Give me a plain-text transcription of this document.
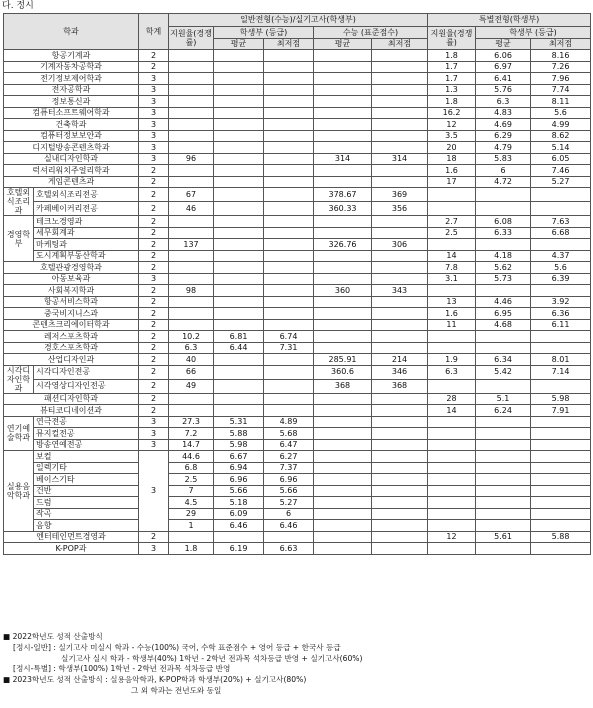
다. 정시
학과		학계	일반전형(수능)/실기고사(학생부)					특별전형(학생부)		
			지원율(경쟁률)	학생부 (등급)		수능 (표준점수)		지원율(경쟁률)	학생부 (등급)	
				평균	최저점	평균	최저점		평균	최저점
항공기계과		2						1.8	6.06	8.16
기계자동차공학과		2						1.7	6.97	7.26
전기정보제어학과		3						1.7	6.41	7.96
전자공학과		3						1.3	5.76	7.74
정보통신과		3						1.8	6.3	8.11
컴퓨터소프트웨어학과		3						16.2	4.83	5.6
건축학과		3						12	4.69	4.99
컴퓨터정보보안과		3						3.5	6.29	8.62
디지털방송콘텐츠학과		3						20	4.79	5.14
실내디자인학과		3	96			314	314	18	5.83	6.05
럭셔리워치주얼리학과		2						1.6	6	7.46
게임콘텐츠과		2						17	4.72	5.27
호텔외식조리과	호텔외식조리전공	2	67			378.67	369			
	카페베이커리전공	2	46			360.33	356			
경영학부	테크노경영과	2						2.7	6.08	7.63
	세무회계과	2						2.5	6.33	6.68
	마케팅과	2	137			326.76	306			
	도시계획부동산학과	2						14	4.18	4.37
호텔관광경영학과		2						7.8	5.62	5.6
아동보육과		3						3.1	5.73	6.39
사회복지학과		2	98			360	343			
항공서비스학과		2						13	4.46	3.92
중국비지니스과		2						1.6	6.95	6.36
콘텐츠크리에이터학과		2						11	4.68	6.11
레저스포츠학과		2	10.2	6.81	6.74					
경호스포츠학과		2	6.3	6.44	7.31					
산업디자인과		2	40			285.91	214	1.9	6.34	8.01
시각디자인학과	시각디자인전공	2	66			360.6	346	6.3	5.42	7.14
	시각영상디자인전공	2	49			368	368			
패션디자인학과		2						28	5.1	5.98
뷰티코디네이션과		2						14	6.24	7.91
연기예술학과	연극전공	3	27.3	5.31	4.89					
	뮤지컬전공	3	7.2	5.88	5.68					
	방송연예전공	3	14.7	5.98	6.47					
실용음악학과	보컬	3	44.6	6.67	6.27					
	일렉기타		6.8	6.94	7.37					
	베이스기타		2.5	6.96	6.96					
	건반		7	5.66	5.66					
	드럼		4.5	5.18	5.27					
	작곡		29	6.09	6					
	음향		1	6.46	6.46					
엔터테인먼트경영과		2						12	5.61	5.88
K-POP과		3	1.8	6.19	6.63					
■ 2022학년도 성적 산출방식
[정시-일반] : 실기고사 미실시 학과 - 수능(100%) 국어, 수학 표준점수 + 영어 등급 + 한국사 등급
실기고사 실시 학과 - 학생부(40%) 1학년 - 2학년 전과목 석차등급 반영 + 실기고사(60%)
[정시-특별] : 학생부(100%) 1학년 - 2학년 전과목 석차등급 반영
■ 2023학년도 성적 산출방식 : 실용음악학과, K-POP학과 학생부(20%) + 실기고사(80%)
그 외 학과는 전년도와 동일
